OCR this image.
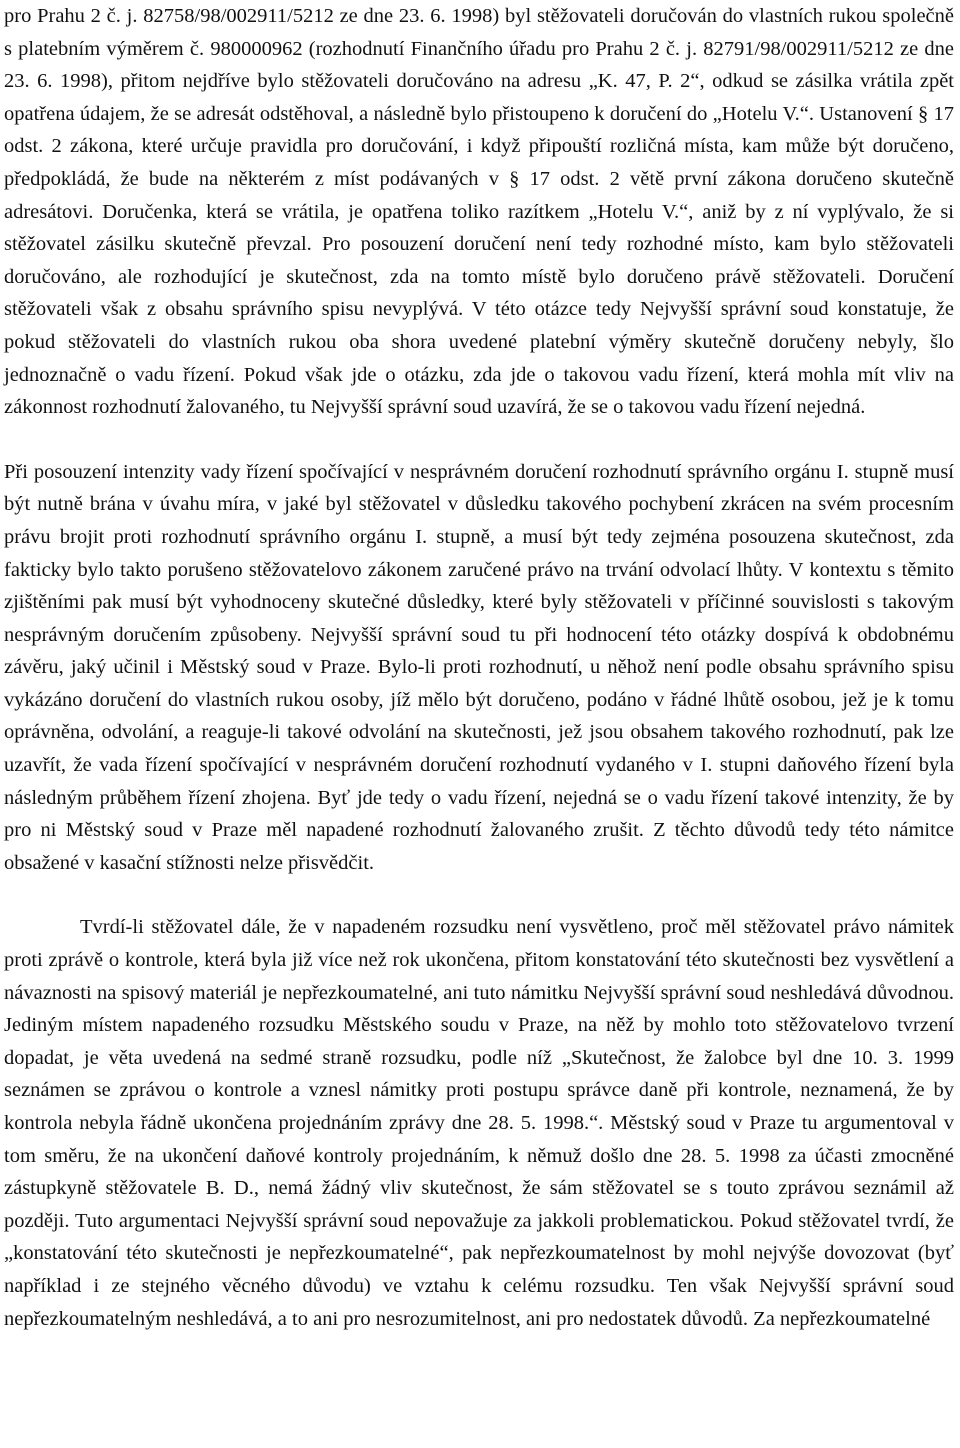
pro Prahu 2 č. j. 82758/98/002911/5212 ze dne 23. 6. 1998) byl stěžovateli doručován do vlastních rukou společně s platebním výměrem č. 980000962 (rozhodnutí Finančního úřadu pro Prahu 2 č. j. 82791/98/002911/5212 ze dne 23. 6. 1998), přitom nejdříve bylo stěžovateli doručováno na adresu „K. 47, P. 2“, odkud se zásilka vrátila zpět opatřena údajem, že se adresát odstěhoval, a následně bylo přistoupeno k doručení do „Hotelu V.“. Ustanovení § 17 odst. 2 zákona, které určuje pravidla pro doručování, i když připouští rozličná místa, kam může být doručeno, předpokládá, že bude na některém z míst podávaných v § 17 odst. 2 větě první zákona doručeno skutečně adresátovi. Doručenka, která se vrátila, je opatřena toliko razítkem „Hotelu V.“, aniž by z ní vyplývalo, že si stěžovatel zásilku skutečně převzal. Pro posouzení doručení není tedy rozhodné místo, kam bylo stěžovateli doručováno, ale rozhodující je skutečnost, zda na tomto místě bylo doručeno právě stěžovateli. Doručení stěžovateli však z obsahu správního spisu nevyplývá. V této otázce tedy Nejvyšší správní soud konstatuje, že pokud stěžovateli do vlastních rukou oba shora uvedené platební výměry skutečně doručeny nebyly, šlo jednoznačně o vadu řízení. Pokud však jde o otázku, zda jde o takovou vadu řízení, která mohla mít vliv na zákonnost rozhodnutí žalovaného, tu Nejvyšší správní soud uzavírá, že se o takovou vadu řízení nejedná.

Při posouzení intenzity vady řízení spočívající v nesprávném doručení rozhodnutí správního orgánu I. stupně musí být nutně brána v úvahu míra, v jaké byl stěžovatel v důsledku takového pochybení zkrácen na svém procesním právu brojit proti rozhodnutí správního orgánu I. stupně, a musí být tedy zejména posouzena skutečnost, zda fakticky bylo takto porušeno stěžovatelovo zákonem zaručené právo na trvání odvolací lhůty. V kontextu s těmito zjištěními pak musí být vyhodnoceny skutečné důsledky, které byly stěžovateli v příčinné souvislosti s takovým nesprávným doručením způsobeny. Nejvyšší správní soud tu při hodnocení této otázky dospívá k obdobnému závěru, jaký učinil i Městský soud v Praze. Bylo-li proti rozhodnutí, u něhož není podle obsahu správního spisu vykázáno doručení do vlastních rukou osoby, jíž mělo být doručeno, podáno v řádné lhůtě osobou, jež je k tomu oprávněna, odvolání, a reaguje-li takové odvolání na skutečnosti, jež jsou obsahem takového rozhodnutí, pak lze uzavřít, že vada řízení spočívající v nesprávném doručení rozhodnutí vydaného v I. stupni daňového řízení byla následným průběhem řízení zhojena. Byť jde tedy o vadu řízení, nejedná se o vadu řízení takové intenzity, že by pro ni Městský soud v Praze měl napadené rozhodnutí žalovaného zrušit. Z těchto důvodů tedy této námitce obsažené v kasační stížnosti nelze přisvědčit.

Tvrdí-li stěžovatel dále, že v napadeném rozsudku není vysvětleno, proč měl stěžovatel právo námitek proti zprávě o kontrole, která byla již více než rok ukončena, přitom konstatování této skutečnosti bez vysvětlení a návaznosti na spisový materiál je nepřezkoumatelné, ani tuto námitku Nejvyšší správní soud neshledává důvodnou. Jediným místem napadeného rozsudku Městského soudu v Praze, na něž by mohlo toto stěžovatelovo tvrzení dopadat, je věta uvedená na sedmé straně rozsudku, podle níž „Skutečnost, že žalobce byl dne 10. 3. 1999 seznámen se zprávou o kontrole a vznesl námitky proti postupu správce daně při kontrole, neznamená, že by kontrola nebyla řádně ukončena projednáním zprávy dne 28. 5. 1998.“. Městský soud v Praze tu argumentoval v tom směru, že na ukončení daňové kontroly projednáním, k němuž došlo dne 28. 5. 1998 za účasti zmocněné zástupkyně stěžovatele B. D., nemá žádný vliv skutečnost, že sám stěžovatel se s touto zprávou seznámil až později. Tuto argumentaci Nejvyšší správní soud nepovažuje za jakkoli problematickou. Pokud stěžovatel tvrdí, že „konstatování této skutečnosti je nepřezkoumatelné“, pak nepřezkoumatelnost by mohl nejvýše dovozovat (byť například i ze stejného věcného důvodu) ve vztahu k celému rozsudku. Ten však Nejvyšší správní soud nepřezkoumatelným neshledává, a to ani pro nesrozumitelnost, ani pro nedostatek důvodů. Za nepřezkoumatelné
